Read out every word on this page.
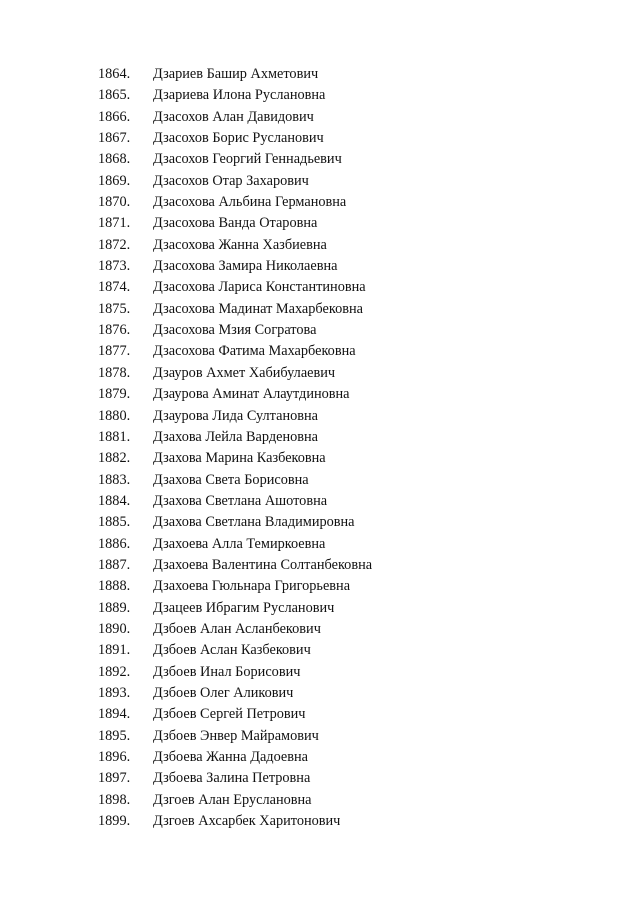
1864.	Дзариев Башир Ахметович
1865.	Дзариева Илона Руслановна
1866.	Дзасохов Алан Давидович
1867.	Дзасохов Борис Русланович
1868.	Дзасохов Георгий Геннадьевич
1869.	Дзасохов Отар Захарович
1870.	Дзасохова Альбина Германовна
1871.	Дзасохова Ванда Отаровна
1872.	Дзасохова Жанна Хазбиевна
1873.	Дзасохова Замира Николаевна
1874.	Дзасохова Лариса Константиновна
1875.	Дзасохова Мадинат Махарбековна
1876.	Дзасохова Мзия Согратова
1877.	Дзасохова Фатима Махарбековна
1878.	Дзауров Ахмет Хабибулаевич
1879.	Дзаурова Аминат Алаутдиновна
1880.	Дзаурова Лида Султановна
1881.	Дзахова Лейла Варденовна
1882.	Дзахова Марина Казбековна
1883.	Дзахова Света Борисовна
1884.	Дзахова Светлана Ашотовна
1885.	Дзахова Светлана Владимировна
1886.	Дзахоева Алла Темиркоевна
1887.	Дзахоева Валентина Солтанбековна
1888.	Дзахоева Гюльнара Григорьевна
1889.	Дзацеев Ибрагим Русланович
1890.	Дзбоев Алан Асланбекович
1891.	Дзбоев Аслан Казбекович
1892.	Дзбоев Инал Борисович
1893.	Дзбоев Олег Аликович
1894.	Дзбоев Сергей Петрович
1895.	Дзбоев Энвер Майрамович
1896.	Дзбоева Жанна Дадоевна
1897.	Дзбоева Залина Петровна
1898.	Дзгоев Алан Еруслановна
1899.	Дзгоев Ахсарбек Харитонович
